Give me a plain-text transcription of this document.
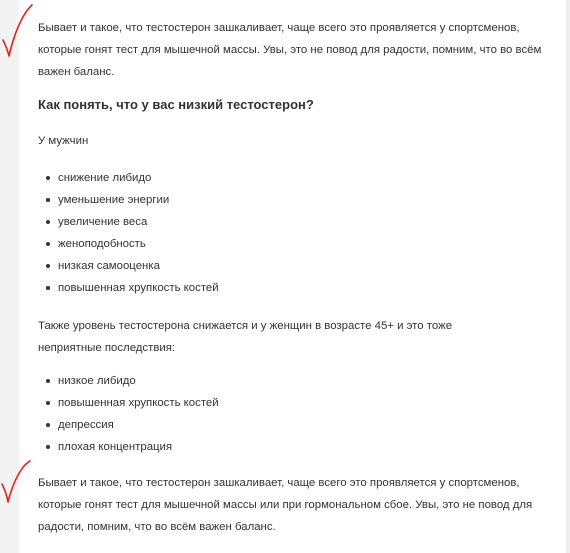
Бывает и такое, что тестостерон зашкаливает, чаще всего это проявляется у спортсменов, которые гонят тест для мышечной массы. Увы, это не повод для радости, помним, что во всём важен баланс.

Как понять, что у вас низкий тестостерон?

У мужчин

снижение либидо
уменьшение энергии
увеличение веса
женоподобность
низкая самооценка
повышенная хрупкость костей

Также уровень тестостерона снижается и у женщин в возрасте 45+ и это тоже неприятные последствия:

низкое либидо
повышенная хрупкость костей
депрессия
плохая концентрация

Бывает и такое, что тестостерон зашкаливает, чаще всего это проявляется у спортсменов, которые гонят тест для мышечной массы или при гормональном сбое. Увы, это не повод для радости, помним, что во всём важен баланс.
